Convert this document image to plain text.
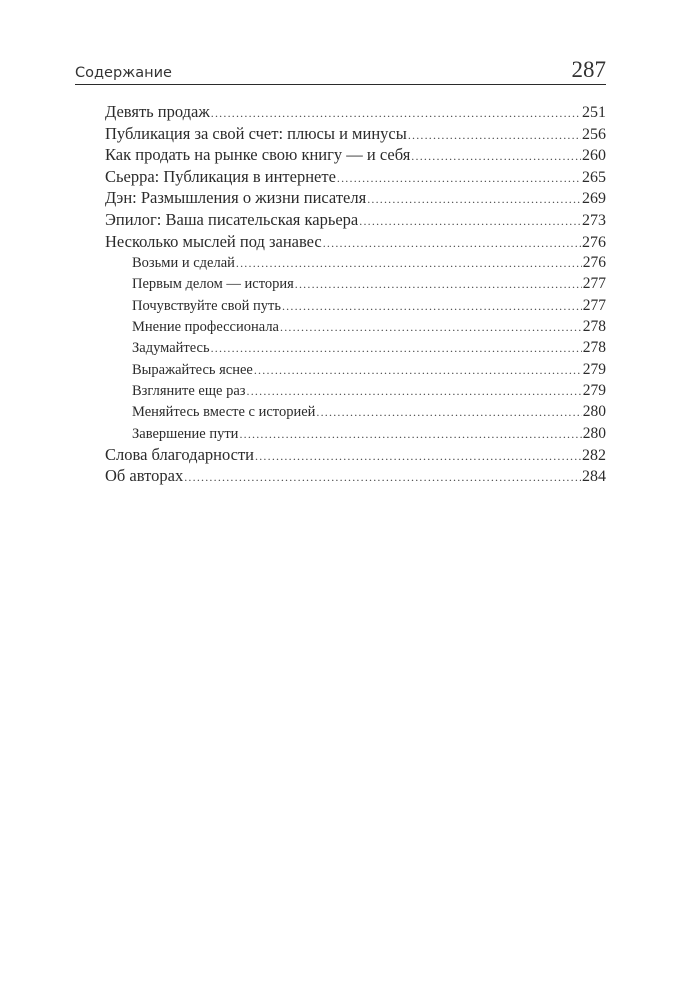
Содержание	287
Девять продаж .....	251
Публикация за свой счет: плюсы и минусы .....	256
Как продать на рынке свою книгу — и себя .....	260
Сьерра: Публикация в интернете .....	265
Дэн: Размышления о жизни писателя .....	269
Эпилог: Ваша писательская карьера .....	273
Несколько мыслей под занавес .....	276
Возьми и сделай .....	276
Первым делом — история .....	277
Почувствуйте свой путь .....	277
Мнение профессионала .....	278
Задумайтесь .....	278
Выражайтесь яснее .....	279
Взгляните еще раз .....	279
Меняйтесь вместе с историей .....	280
Завершение пути .....	280
Слова благодарности .....	282
Об авторах .....	284
